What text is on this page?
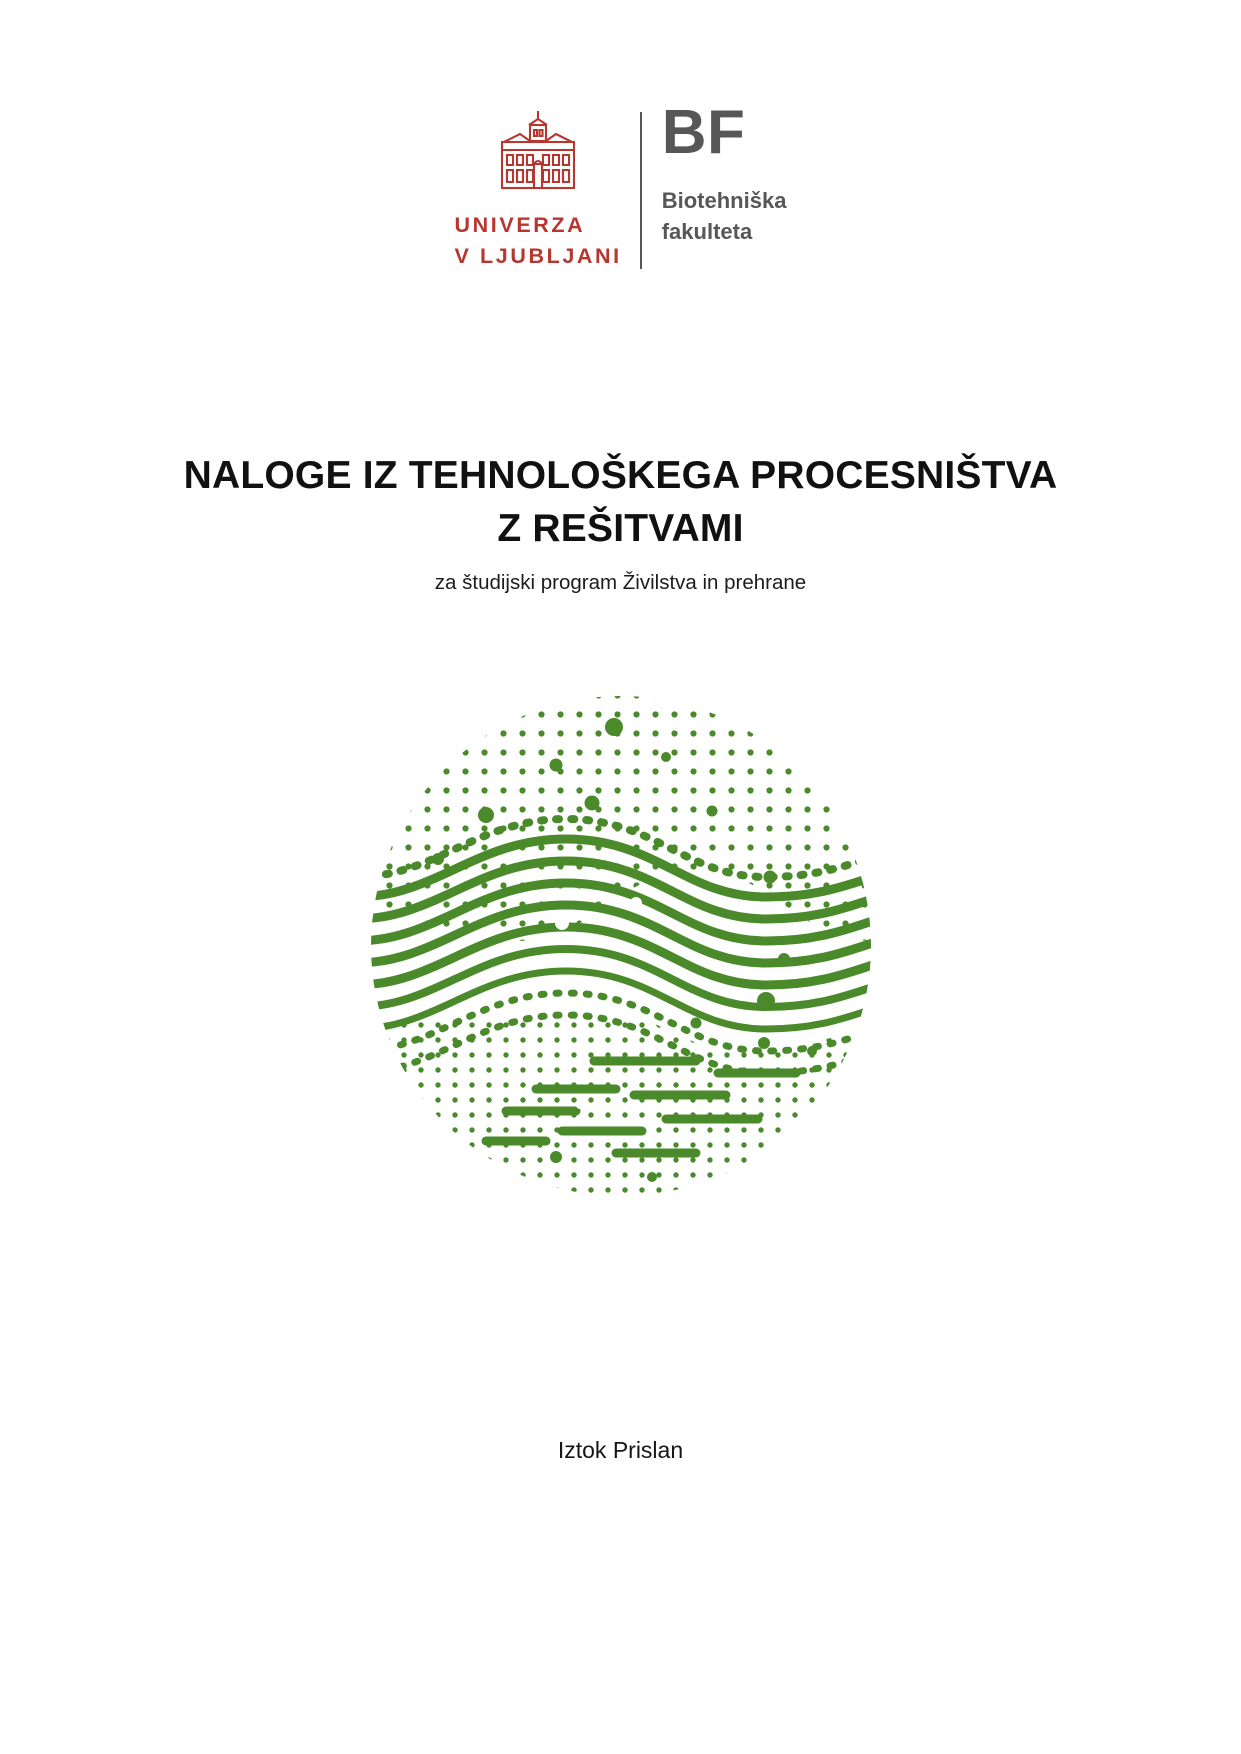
UNIVERZA
V LJUBLJANI
BF
Biotehniška
fakulteta
NALOGE IZ TEHNOLOŠKEGA PROCESNIŠTVA
Z REŠITVAMI
za študijski program Živilstva in prehrane
Iztok Prislan
